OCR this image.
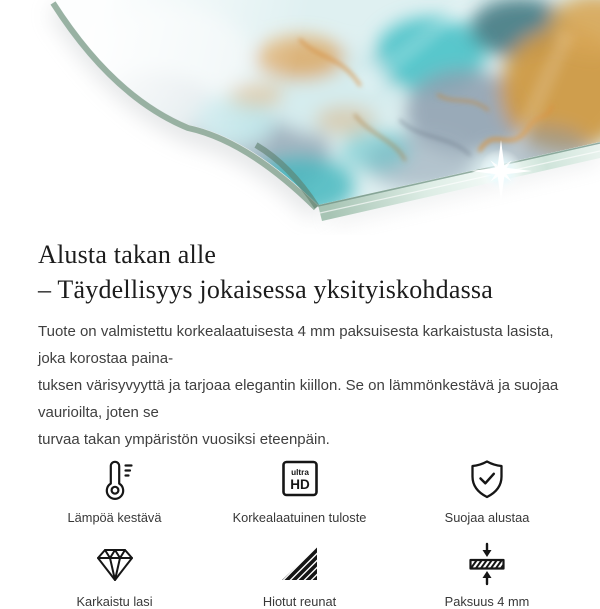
Alusta takan alle
– Täydellisyys jokaisessa yksityiskohdassa

Tuote on valmistettu korkealaatuisesta 4 mm paksuisesta karkaistusta lasista, joka korostaa paina-
tuksen värisyvyyttä ja tarjoaa elegantin kiillon. Se on lämmönkestävä ja suojaa vaurioilta, joten se
turvaa takan ympäristön vuosiksi eteenpäin.

Lämpöä kestävä
ultra
HD
Korkealaatuinen tuloste	Suojaa alustaa
Karkaistu lasi	Hiotut reunat	Paksuus 4 mm
